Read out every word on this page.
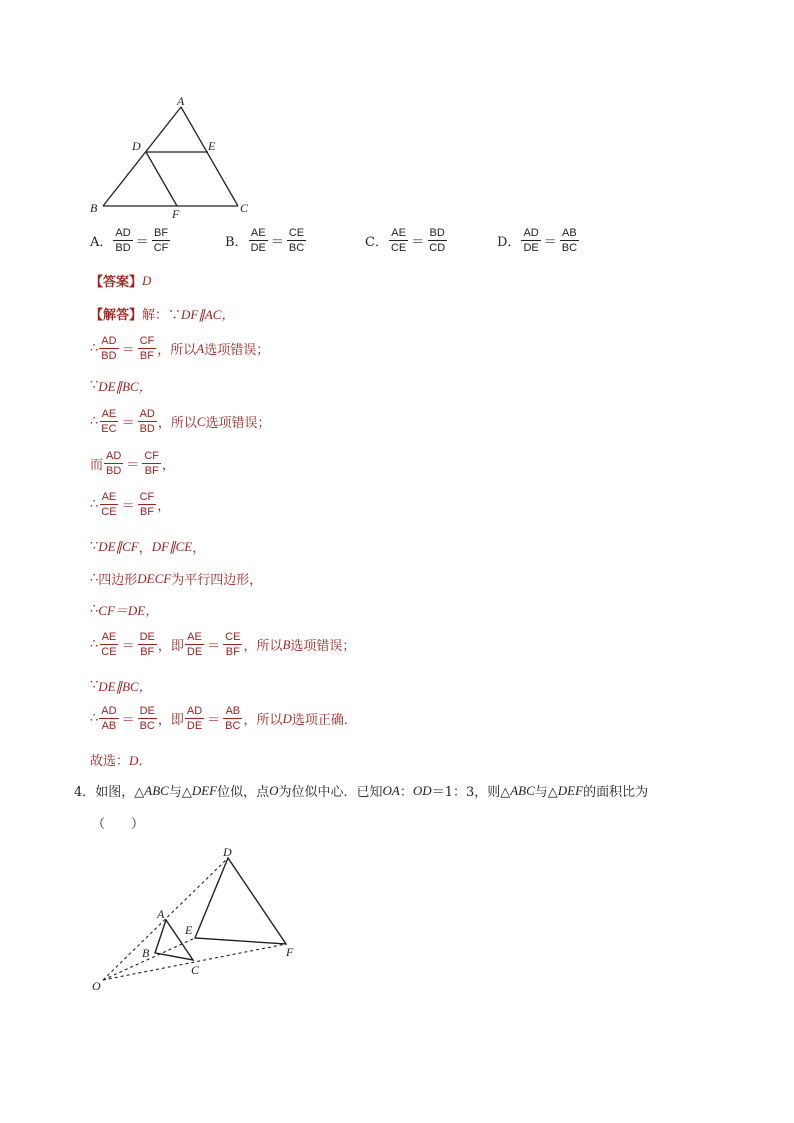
A
D	E
B	C
F
A． $\frac{AD}{BD} = \frac{BF}{CF}$	B． $\frac{AE}{DE} = \frac{CE}{BC}$	C． $\frac{AE}{CE} = \frac{BD}{CD}$	D． $\frac{AD}{DE} = \frac{AB}{BC}$
【答案】 D
【解答】 解：∵ DF∥AC，
∴ $\frac{AD}{BD} = \frac{CF}{BF}$ ，所以 A 选项错误；
∵ DE∥BC，
∴ $\frac{AE}{EC} = \frac{AD}{BD}$ ，所以 C 选项错误；
而 $\frac{AD}{BD} = \frac{CF}{BF}$ ，
∴ $\frac{AE}{CE} = \frac{CF}{BF}$ ，
∵ DE∥CF ， DF∥CE ，
∴ 四边形 DECF 为平行四边形，
∴ CF＝DE，
∴ $\frac{AE}{CE} = \frac{DE}{BF}$ ，即 $\frac{AE}{DE} = \frac{CE}{BF}$ ，所以 B 选项错误；
∵ DE∥BC，
∴ $\frac{AD}{AB} = \frac{DE}{BC}$ ，即 $\frac{AD}{DE} = \frac{AB}{BC}$ ，所以 D 选项正确．
故选： D．
4． 如图，△ ABC 与△ DEF 位似，点 O 为位似中心．已知 OA ： OD ＝1：3，则△ ABC 与△ DEF 的面积比为
（　　）
D
E
F
A
B
C
O
